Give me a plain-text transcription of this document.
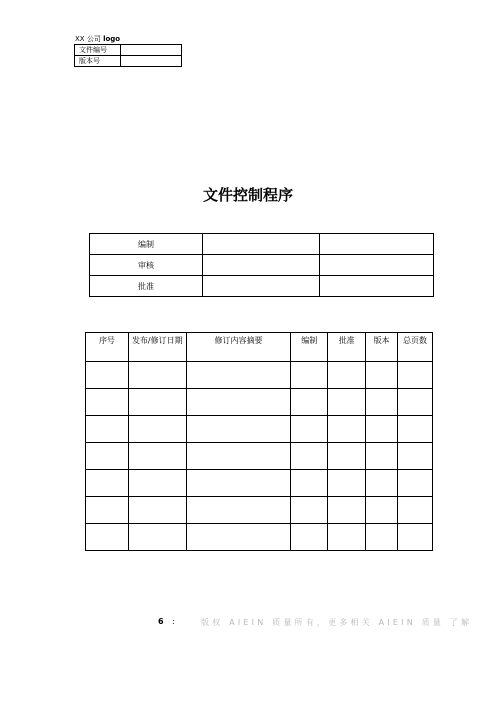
XX 公司 logo
文件编号	
版本号	
文件控制程序
编制		
审核		
批准		
序号	发布/修订日期	修订内容摘要	编制	批准	版本	总页数

6 :	版权 AIEIN 质量所有，更多相关 AIEIN 质量 了解
